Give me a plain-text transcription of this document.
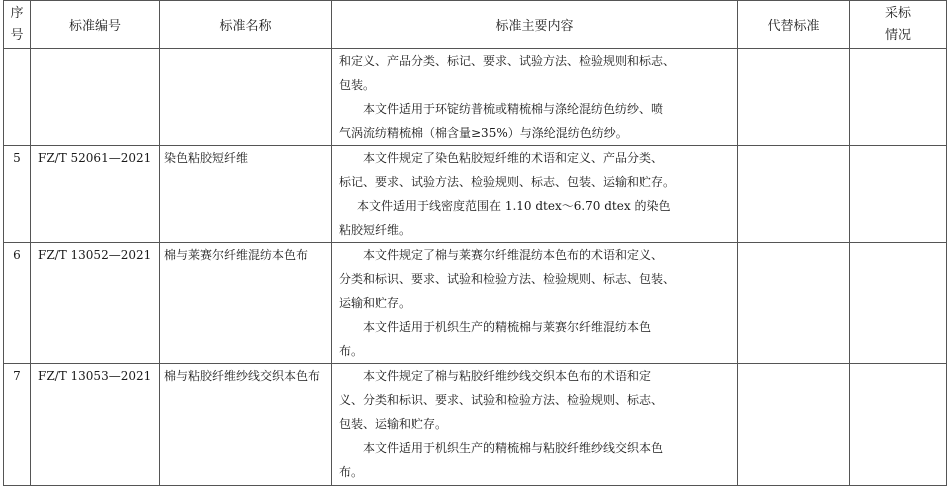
序
号	标准编号	标准名称	标准主要内容	代替标准	采标
情况

			和定义、产品分类、标记、要求、试验方法、检验规则和标志、

包装。

本文件适用于环锭纺普梳或精梳棉与涤纶混纺色纺纱、喷

气涡流纺精梳棉（棉含量≥35%）与涤纶混纺色纺纱。		

5	FZ/T 52061—2021	染色粘胶短纤维	本文件规定了染色粘胶短纤维的术语和定义、产品分类、

标记、要求、试验方法、检验规则、标志、包装、运输和贮存。

本文件适用于线密度范围在 1.10 dtex～6.70 dtex 的染色

粘胶短纤维。		

6	FZ/T 13052—2021	棉与莱赛尔纤维混纺本色布	本文件规定了棉与莱赛尔纤维混纺本色布的术语和定义、

分类和标识、要求、试验和检验方法、检验规则、标志、包装、

运输和贮存。

本文件适用于机织生产的精梳棉与莱赛尔纤维混纺本色

布。		

7	FZ/T 13053—2021	棉与粘胶纤维纱线交织本色布	本文件规定了棉与粘胶纤维纱线交织本色布的术语和定

义、分类和标识、要求、试验和检验方法、检验规则、标志、

包装、运输和贮存。

本文件适用于机织生产的精梳棉与粘胶纤维纱线交织本色

布。		
